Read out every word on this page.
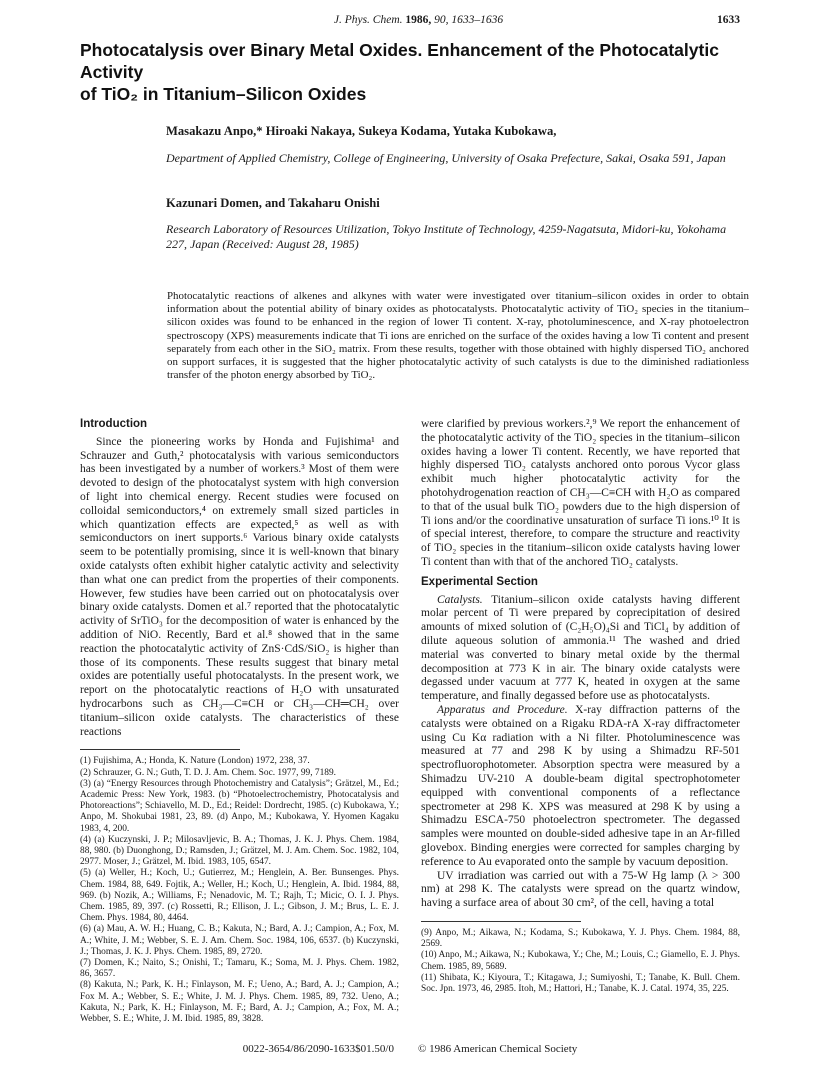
J. Phys. Chem. 1986, 90, 1633–1636	1633
Photocatalysis over Binary Metal Oxides. Enhancement of the Photocatalytic Activity
of TiO₂ in Titanium–Silicon Oxides
Masakazu Anpo,* Hiroaki Nakaya, Sukeya Kodama, Yutaka Kubokawa,
Department of Applied Chemistry, College of Engineering, University of Osaka Prefecture, Sakai, Osaka 591, Japan
Kazunari Domen, and Takaharu Onishi
Research Laboratory of Resources Utilization, Tokyo Institute of Technology, 4259-Nagatsuta, Midori-ku, Yokohama 227, Japan (Received: August 28, 1985)
Photocatalytic reactions of alkenes and alkynes with water were investigated over titanium–silicon oxides in order to obtain information about the potential ability of binary oxides as photocatalysts. Photocatalytic activity of TiO₂ species in the titanium–silicon oxides was found to be enhanced in the region of lower Ti content. X-ray, photoluminescence, and X-ray photoelectron spectroscopy (XPS) measurements indicate that Ti ions are enriched on the surface of the oxides having a low Ti content and present separately from each other in the SiO₂ matrix. From these results, together with those obtained with highly dispersed TiO₂ anchored on support surfaces, it is suggested that the higher photocatalytic activity of such catalysts is due to the diminished radiationless transfer of the photon energy absorbed by TiO₂.
Introduction

Since the pioneering works by Honda and Fujishima¹ and Schrauzer and Guth,² photocatalysis with various semiconductors has been investigated by a number of workers.³ Most of them were devoted to design of the photocatalyst system with high conversion of light into chemical energy. Recent studies were focused on colloidal semiconductors,⁴ on extremely small sized particles in which quantization effects are expected,⁵ as well as with semiconductors on inert supports.⁶ Various binary oxide catalysts seem to be potentially promising, since it is well-known that binary oxide catalysts often exhibit higher catalytic activity and selectivity than what one can predict from the properties of their components. However, few studies have been carried out on photocatalysis over binary oxide catalysts. Domen et al.⁷ reported that the photocatalytic activity of SrTiO₃ for the decomposition of water is enhanced by the addition of NiO. Recently, Bard et al.⁸ showed that in the same reaction the photocatalytic activity of ZnS·CdS/SiO₂ is higher than those of its components. These results suggest that binary metal oxides are potentially useful photocatalysts. In the present work, we report on the photocatalytic reactions of H₂O with unsaturated hydrocarbons such as CH₃—C≡CH or CH₃—CH═CH₂ over titanium–silicon oxide catalysts. The characteristics of these reactions

(1) Fujishima, A.; Honda, K. Nature (London) 1972, 238, 37.
(2) Schrauzer, G. N.; Guth, T. D. J. Am. Chem. Soc. 1977, 99, 7189.
(3) (a) “Energy Resources through Photochemistry and Catalysis”; Grätzel, M., Ed.; Academic Press: New York, 1983. (b) “Photoelectrochemistry, Photocatalysis and Photoreactions”; Schiavello, M. D., Ed.; Reidel: Dordrecht, 1985. (c) Kubokawa, Y.; Anpo, M. Shokubai 1981, 23, 89. (d) Anpo, M.; Kubokawa, Y. Hyomen Kagaku 1983, 4, 200.
(4) (a) Kuczynski, J. P.; Milosavljevic, B. A.; Thomas, J. K. J. Phys. Chem. 1984, 88, 980. (b) Duonghong, D.; Ramsden, J.; Grätzel, M. J. Am. Chem. Soc. 1982, 104, 2977. Moser, J.; Grätzel, M. Ibid. 1983, 105, 6547.
(5) (a) Weller, H.; Koch, U.; Gutierrez, M.; Henglein, A. Ber. Bunsenges. Phys. Chem. 1984, 88, 649. Fojtik, A.; Weller, H.; Koch, U.; Henglein, A. Ibid. 1984, 88, 969. (b) Nozik, A.; Williams, F.; Nenadovic, M. T.; Rajh, T.; Micic, O. I. J. Phys. Chem. 1985, 89, 397. (c) Rossetti, R.; Ellison, J. L.; Gibson, J. M.; Brus, L. E. J. Chem. Phys. 1984, 80, 4464.
(6) (a) Mau, A. W. H.; Huang, C. B.; Kakuta, N.; Bard, A. J.; Campion, A.; Fox, M. A.; White, J. M.; Webber, S. E. J. Am. Chem. Soc. 1984, 106, 6537. (b) Kuczynski, J.; Thomas, J. K. J. Phys. Chem. 1985, 89, 2720.
(7) Domen, K.; Naito, S.; Onishi, T.; Tamaru, K.; Soma, M. J. Phys. Chem. 1982, 86, 3657.
(8) Kakuta, N.; Park, K. H.; Finlayson, M. F.; Ueno, A.; Bard, A. J.; Campion, A.; Fox M. A.; Webber, S. E.; White, J. M. J. Phys. Chem. 1985, 89, 732. Ueno, A.; Kakuta, N.; Park, K. H.; Finlayson, M. F.; Bard, A. J.; Campion, A.; Fox, M. A.; Webber, S. E.; White, J. M. Ibid. 1985, 89, 3828.

were clarified by previous workers.²,⁹ We report the enhancement of the photocatalytic activity of the TiO₂ species in the titanium–silicon oxides having a lower Ti content. Recently, we have reported that highly dispersed TiO₂ catalysts anchored onto porous Vycor glass exhibit much higher photocatalytic activity for the photohydrogenation reaction of CH₃—C≡CH with H₂O as compared to that of the usual bulk TiO₂ powders due to the high dispersion of Ti ions and/or the coordinative unsaturation of surface Ti ions.¹⁰ It is of special interest, therefore, to compare the structure and reactivity of TiO₂ species in the titanium–silicon oxide catalysts having lower Ti content than with that of the anchored TiO₂ catalysts.

Experimental Section

Catalysts. Titanium–silicon oxide catalysts having different molar percent of Ti were prepared by coprecipitation of desired amounts of mixed solution of (C₂H₅O)₄Si and TiCl₄ by addition of dilute aqueous solution of ammonia.¹¹ The washed and dried material was converted to binary metal oxide by the thermal decomposition at 773 K in air. The binary oxide catalysts were degassed under vacuum at 777 K, heated in oxygen at the same temperature, and finally degassed before use as photocatalysts.

Apparatus and Procedure. X-ray diffraction patterns of the catalysts were obtained on a Rigaku RDA-rA X-ray diffractometer using Cu Kα radiation with a Ni filter. Photoluminescence was measured at 77 and 298 K by using a Shimadzu RF-501 spectrofluorophotometer. Absorption spectra were measured by a Shimadzu UV-210 A double-beam digital spectrophotometer equipped with conventional components of a reflectance spectrometer at 298 K. XPS was measured at 298 K by using a Shimadzu ESCA-750 photoelectron spectrometer. The degassed samples were mounted on double-sided adhesive tape in an Ar-filled glovebox. Binding energies were corrected for samples charging by reference to Au evaporated onto the sample by vacuum deposition.

UV irradiation was carried out with a 75-W Hg lamp (λ > 300 nm) at 298 K. The catalysts were spread on the quartz window, having a surface area of about 30 cm², of the cell, having a total

(9) Anpo, M.; Aikawa, N.; Kodama, S.; Kubokawa, Y. J. Phys. Chem. 1984, 88, 2569.
(10) Anpo, M.; Aikawa, N.; Kubokawa, Y.; Che, M.; Louis, C.; Giamello, E. J. Phys. Chem. 1985, 89, 5689.
(11) Shibata, K.; Kiyoura, T.; Kitagawa, J.; Sumiyoshi, T.; Tanabe, K. Bull. Chem. Soc. Jpn. 1973, 46, 2985. Itoh, M.; Hattori, H.; Tanabe, K. J. Catal. 1974, 35, 225.
0022-3654/86/2090-1633$01.50/0 © 1986 American Chemical Society
